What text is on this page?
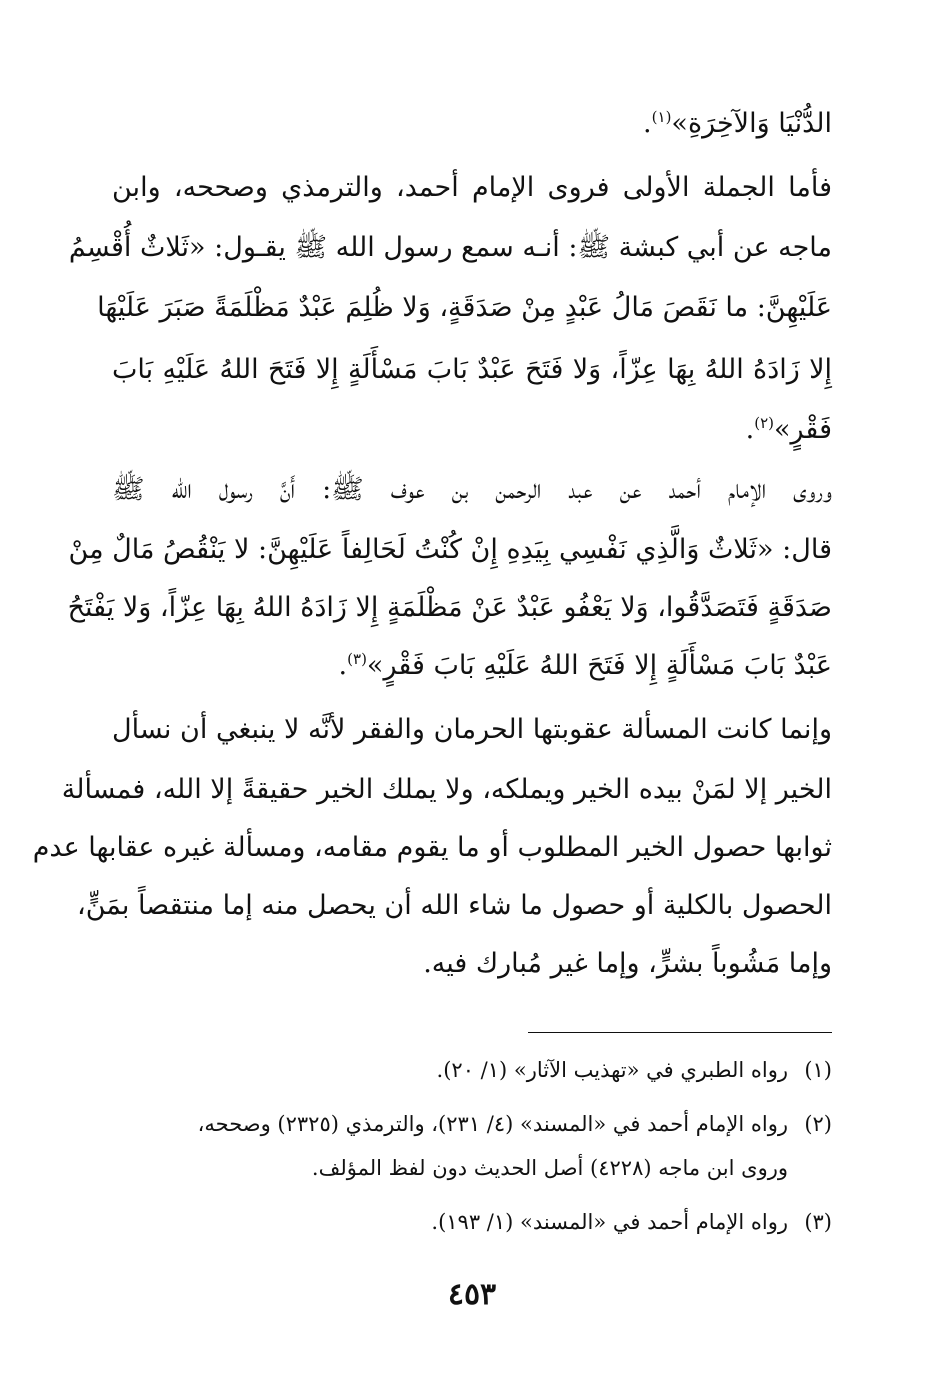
الدُّنْيَا وَالآخِرَةِ»$^{(١)}$.
فأما الجملة الأولى فروى الإمام أحمد، والترمذي وصححه، وابن
ماجه عن أبي كبشة ﷺ: أنـه سمع رسول الله ﷺ يقـول: «ثَلاثٌ أُقْسِمُ
عَلَيْهِنَّ: ما نَقَصَ مَالُ عَبْدٍ مِنْ صَدَقَةٍ، وَلا ظُلِمَ عَبْدٌ مَظْلَمَةً صَبَرَ عَلَيْهَا
إِلا زَادَهُ اللهُ بِهَا عِزّاً، وَلا فَتَحَ عَبْدٌ بَابَ مَسْأَلَةٍ إِلا فَتَحَ اللهُ عَلَيْهِ بَابَ
فَقْرٍ»$^{(٢)}$.
وروى الإمام أحمد عن عبد الرحمن بن عوف ﷺ: أَنَّ رسول الله ﷺ
قال: «ثَلاثٌ وَالَّذِي نَفْسِي بِيَدِهِ إِنْ كُنْتُ لَحَالِفاً عَلَيْهِنَّ: لا يَنْقُصُ مَالٌ مِنْ
صَدَقَةٍ فَتَصَدَّقُوا، وَلا يَعْفُو عَبْدٌ عَنْ مَظْلَمَةٍ إِلا زَادَهُ اللهُ بِهَا عِزّاً، وَلا يَفْتَحُ
عَبْدٌ بَابَ مَسْأَلَةٍ إِلا فَتَحَ اللهُ عَلَيْهِ بَابَ فَقْرٍ»$^{(٣)}$.
وإنما كانت المسألة عقوبتها الحرمان والفقر لأنَّه لا ينبغي أن نسأل
الخير إلا لمَنْ بيده الخير ويملكه، ولا يملك الخير حقيقةً إلا الله، فمسألة
ثوابها حصول الخير المطلوب أو ما يقوم مقامه، ومسألة غيره عقابها عدم
الحصول بالكلية أو حصول ما شاء الله أن يحصل منه إما منتقصاً بمَنٍّ،
وإما مَشُوباً بشرٍّ، وإما غير مُبارك فيه.
(١)رواه الطبري في «تهذيب الآثار» (١/ ٢٠).
(٢)رواه الإمام أحمد في «المسند» (٤/ ٢٣١)، والترمذي (٢٣٢٥) وصححه،
وروى ابن ماجه (٤٢٢٨) أصل الحديث دون لفظ المؤلف.
(٣)رواه الإمام أحمد في «المسند» (١/ ١٩٣).
٤٥٣
